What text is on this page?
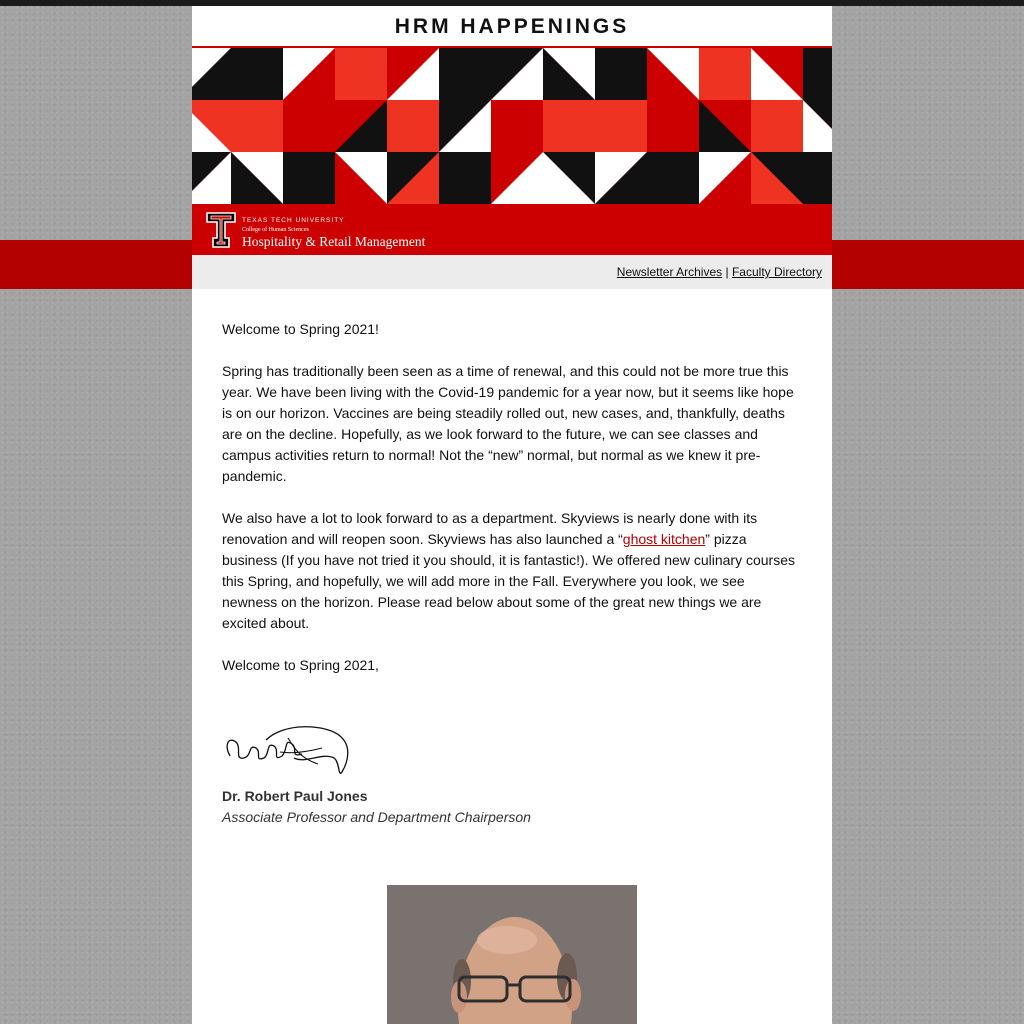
HRM HAPPENINGS
TEXAS TECH UNIVERSITY
College of Human Sciences
Hospitality & Retail Management
Newsletter Archives | Faculty Directory

Welcome to Spring 2021!

Spring has traditionally been seen as a time of renewal, and this could not be more true this year. We have been living with the Covid-19 pandemic for a year now, but it seems like hope is on our horizon. Vaccines are being steadily rolled out, new cases, and, thankfully, deaths are on the decline. Hopefully, as we look forward to the future, we can see classes and campus activities return to normal! Not the “new” normal, but normal as we knew it pre-pandemic.

We also have a lot to look forward to as a department. Skyviews is nearly done with its renovation and will reopen soon. Skyviews has also launched a “ghost kitchen” pizza business (If you have not tried it you should, it is fantastic!). We offered new culinary courses this Spring, and hopefully, we will add more in the Fall. Everywhere you look, we see newness on the horizon. Please read below about some of the great new things we are excited about.

Welcome to Spring 2021,

Dr. Robert Paul Jones
Associate Professor and Department Chairperson
